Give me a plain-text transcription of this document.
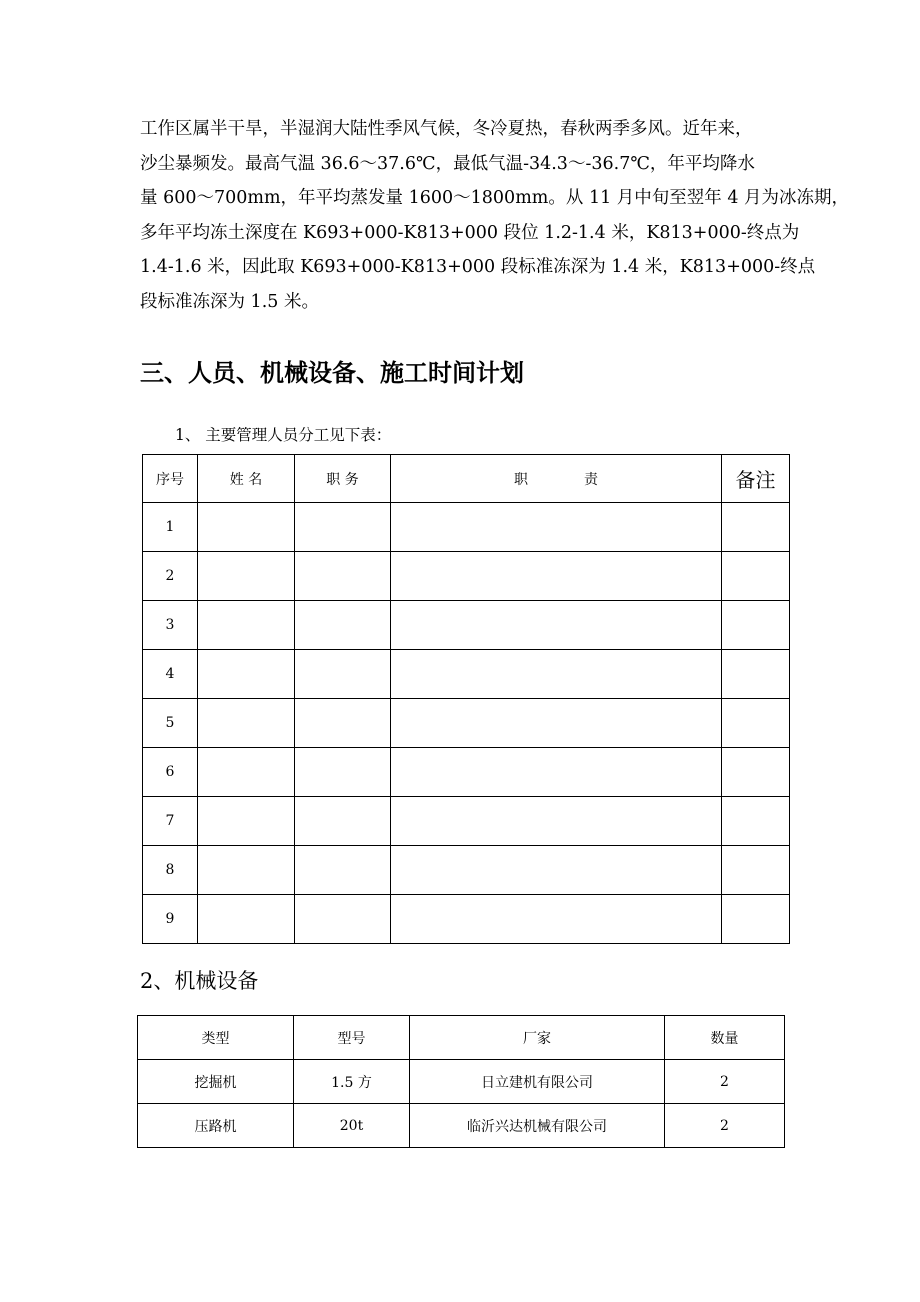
工作区属半干旱，半湿润大陆性季风气候，冬冷夏热，春秋两季多风。近年来，
沙尘暴频发。最高气温 36.6～37.6℃，最低气温-34.3～-36.7℃，年平均降水
量 600～700mm，年平均蒸发量 1600～1800mm。从 11 月中旬至翌年 4 月为冰冻期，
多年平均冻土深度在 K693+000-K813+000 段位 1.2-1.4 米，K813+000-终点为
1.4-1.6 米，因此取 K693+000-K813+000 段标准冻深为 1.4 米，K813+000-终点
段标准冻深为 1.5 米。
三、人员、机械设备、施工时间计划
1、 主要管理人员分工见下表：
序号	姓 名	职 务	职　　　　责	备注
1				
2				
3				
4				
5				
6				
7				
8				
9				
2、机械设备
类型	型号	厂家	数量
挖掘机	1.5 方	日立建机有限公司	2
压路机	20t	临沂兴达机械有限公司	2
